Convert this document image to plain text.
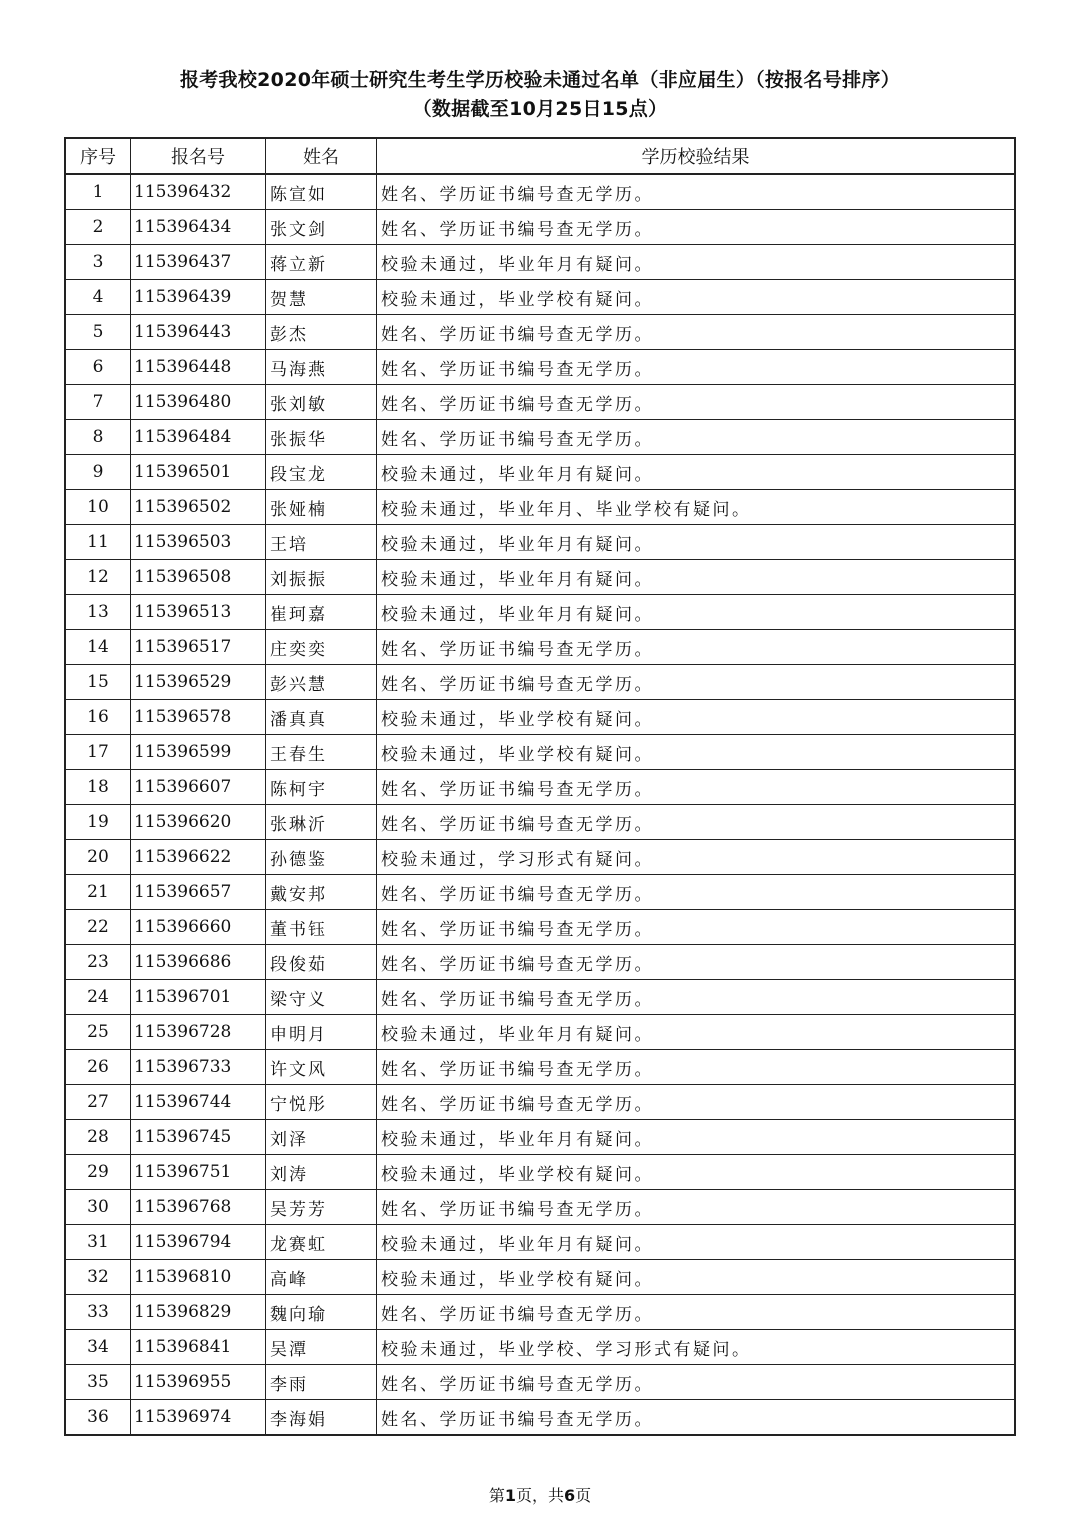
报考我校2020年硕士研究生考生学历校验未通过名单（非应届生）（按报名号排序）
（数据截至10月25日15点）
序号	报名号	姓名	学历校验结果
1	115396432	陈宣如	姓名、学历证书编号查无学历。
2	115396434	张文剑	姓名、学历证书编号查无学历。
3	115396437	蒋立新	校验未通过，毕业年月有疑问。
4	115396439	贺慧	校验未通过，毕业学校有疑问。
5	115396443	彭杰	姓名、学历证书编号查无学历。
6	115396448	马海燕	姓名、学历证书编号查无学历。
7	115396480	张刘敏	姓名、学历证书编号查无学历。
8	115396484	张振华	姓名、学历证书编号查无学历。
9	115396501	段宝龙	校验未通过，毕业年月有疑问。
10	115396502	张娅楠	校验未通过，毕业年月、毕业学校有疑问。
11	115396503	王培	校验未通过，毕业年月有疑问。
12	115396508	刘振振	校验未通过，毕业年月有疑问。
13	115396513	崔珂嘉	校验未通过，毕业年月有疑问。
14	115396517	庄奕奕	姓名、学历证书编号查无学历。
15	115396529	彭兴慧	姓名、学历证书编号查无学历。
16	115396578	潘真真	校验未通过，毕业学校有疑问。
17	115396599	王春生	校验未通过，毕业学校有疑问。
18	115396607	陈柯宇	姓名、学历证书编号查无学历。
19	115396620	张琳沂	姓名、学历证书编号查无学历。
20	115396622	孙德鉴	校验未通过，学习形式有疑问。
21	115396657	戴安邦	姓名、学历证书编号查无学历。
22	115396660	董书钰	姓名、学历证书编号查无学历。
23	115396686	段俊茹	姓名、学历证书编号查无学历。
24	115396701	梁守义	姓名、学历证书编号查无学历。
25	115396728	申明月	校验未通过，毕业年月有疑问。
26	115396733	许文风	姓名、学历证书编号查无学历。
27	115396744	宁悦彤	姓名、学历证书编号查无学历。
28	115396745	刘泽	校验未通过，毕业年月有疑问。
29	115396751	刘涛	校验未通过，毕业学校有疑问。
30	115396768	吴芳芳	姓名、学历证书编号查无学历。
31	115396794	龙赛虹	校验未通过，毕业年月有疑问。
32	115396810	高峰	校验未通过，毕业学校有疑问。
33	115396829	魏向瑜	姓名、学历证书编号查无学历。
34	115396841	吴潭	校验未通过，毕业学校、学习形式有疑问。
35	115396955	李雨	姓名、学历证书编号查无学历。
36	115396974	李海娟	姓名、学历证书编号查无学历。
第1页，共6页
